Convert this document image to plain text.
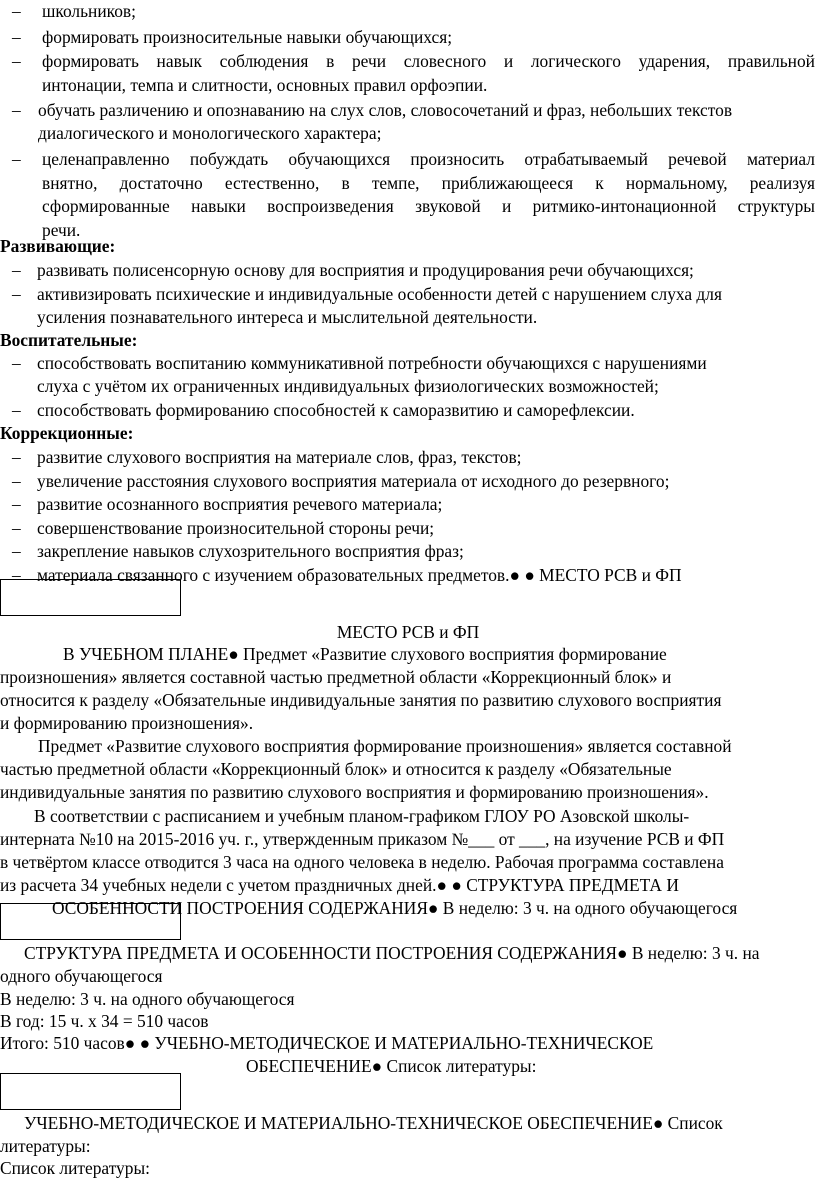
– школьников;
– формировать произносительные навыки обучающихся;
– формировать навык соблюдения в речи словесного и логического ударения, правильной
интонации, темпа и слитности, основных правил орфоэпии.
– обучать различению и опознаванию на слух слов, словосочетаний и фраз, небольших текстов
диалогического и монологического характера;
– целенаправленно побуждать обучающихся произносить отрабатываемый речевой материал
внятно, достаточно естественно, в темпе, приближающееся к нормальному, реализуя
сформированные навыки воспроизведения звуковой и ритмико-интонационной структуры
речи.
Развивающие:
– развивать полисенсорную основу для восприятия и продуцирования речи обучающихся;
– активизировать психические и индивидуальные особенности детей с нарушением слуха для
усиления познавательного интереса и мыслительной деятельности.
Воспитательные:
– способствовать воспитанию коммуникативной потребности обучающихся с нарушениями
слуха с учётом их ограниченных индивидуальных физиологических возможностей;
– способствовать формированию способностей к саморазвитию и саморефлексии.
Коррекционные:
– развитие слухового восприятия на материале слов, фраз, текстов;
– увеличение расстояния слухового восприятия материала от исходного до резервного;
– развитие осознанного восприятия речевого материала;
– совершенствование произносительной стороны речи;
– закрепление навыков слухозрительного восприятия фраз;
– материала связанного с изучением образовательных предметов.● ● МЕСТО РСВ и ФП
МЕСТО РСВ и ФП
В УЧЕБНОМ ПЛАНЕ● Предмет «Развитие слухового восприятия формирование
произношения» является составной частью предметной области «Коррекционный блок» и
относится к разделу «Обязательные индивидуальные занятия по развитию слухового восприятия
и формированию произношения».
Предмет «Развитие слухового восприятия формирование произношения» является составной
частью предметной области «Коррекционный блок» и относится к разделу «Обязательные
индивидуальные занятия по развитию слухового восприятия и формированию произношения».
В соответствии с расписанием и учебным планом-графиком ГЛОУ РО Азовской школы-
интерната №10 на 2015-2016 уч. г., утвержденным приказом №___ от ___, на изучение РСВ и ФП
в четвёртом классе отводится 3 часа на одного человека в неделю. Рабочая программа составлена
из расчета 34 учебных недели с учетом праздничных дней.● ● СТРУКТУРА ПРЕДМЕТА И
ОСОБЕННОСТИ ПОСТРОЕНИЯ СОДЕРЖАНИЯ● В неделю: 3 ч. на одного обучающегося
СТРУКТУРА ПРЕДМЕТА И ОСОБЕННОСТИ ПОСТРОЕНИЯ СОДЕРЖАНИЯ● В неделю: 3 ч. на
одного обучающегося
В неделю: 3 ч. на одного обучающегося
В год: 15 ч. х 34 = 510 часов
Итого: 510 часов● ● УЧЕБНО-МЕТОДИЧЕСКОЕ И МАТЕРИАЛЬНО-ТЕХНИЧЕСКОЕ
ОБЕСПЕЧЕНИЕ● Список литературы:
УЧЕБНО-МЕТОДИЧЕСКОЕ И МАТЕРИАЛЬНО-ТЕХНИЧЕСКОЕ ОБЕСПЕЧЕНИЕ● Список
литературы:
Список литературы:
